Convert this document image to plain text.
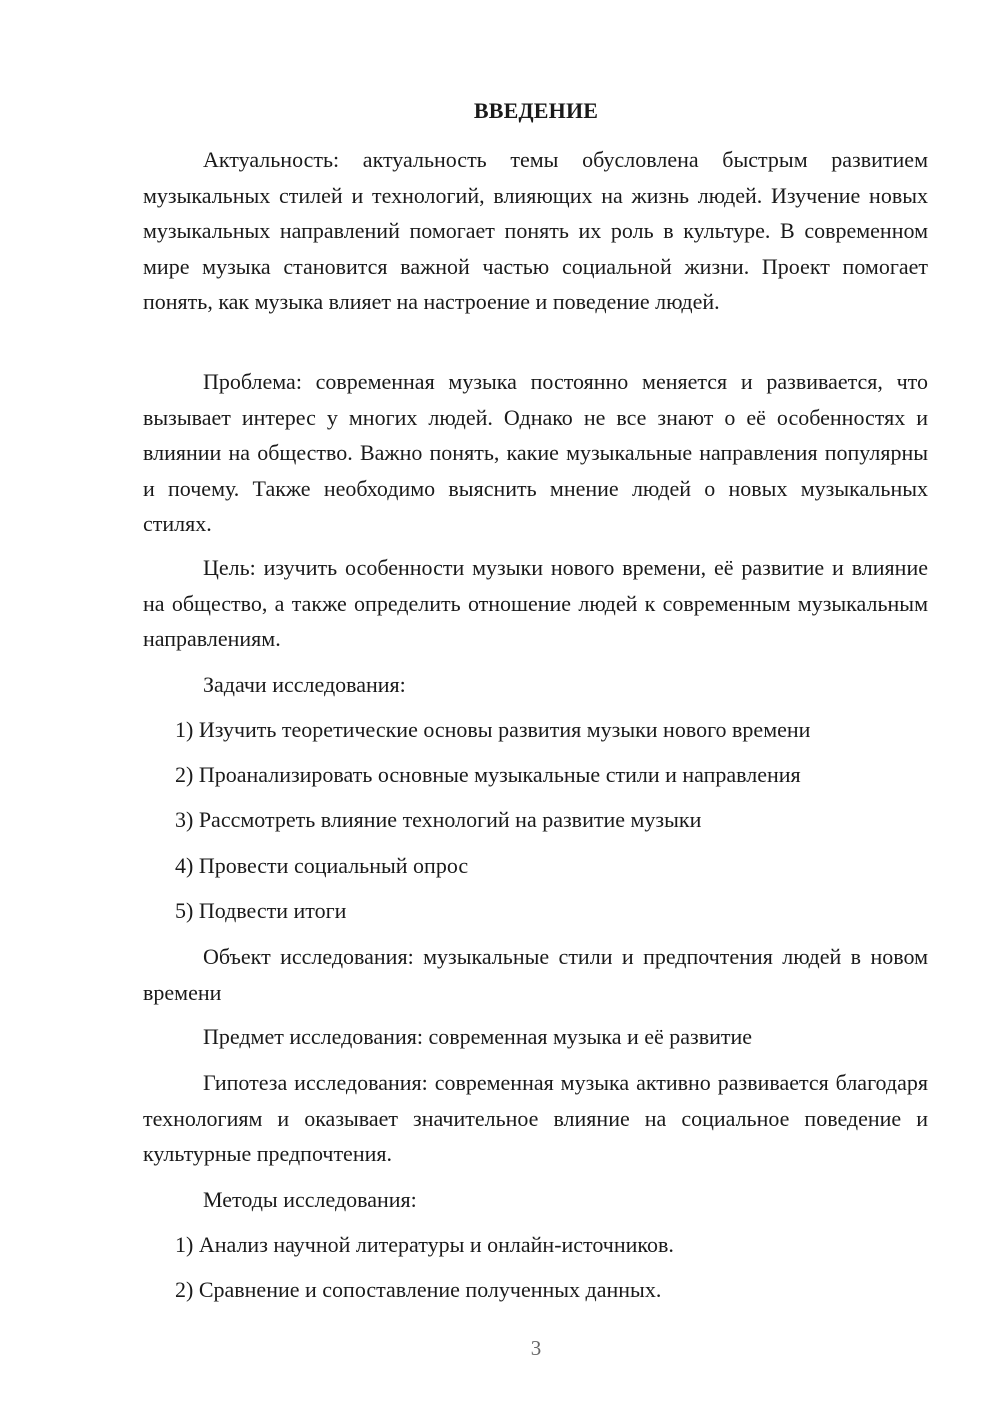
ВВЕДЕНИЕ

Актуальность: актуальность темы обусловлена быстрым развитием музыкальных стилей и технологий, влияющих на жизнь людей. Изучение новых музыкальных направлений помогает понять их роль в культуре. В современном мире музыка становится важной частью социальной жизни. Проект помогает понять, как музыка влияет на настроение и поведение людей.

Проблема: современная музыка постоянно меняется и развивается, что вызывает интерес у многих людей. Однако не все знают о её особенностях и влиянии на общество. Важно понять, какие музыкальные направления популярны и почему. Также необходимо выяснить мнение людей о новых музыкальных стилях.

Цель: изучить особенности музыки нового времени, её развитие и влияние на общество, а также определить отношение людей к современным музыкальным направлениям.

Задачи исследования:

1) Изучить теоретические основы развития музыки нового времени

2) Проанализировать основные музыкальные стили и направления

3) Рассмотреть влияние технологий на развитие музыки

4) Провести социальный опрос

5) Подвести итоги

Объект исследования: музыкальные стили и предпочтения людей в новом времени

Предмет исследования: современная музыка и её развитие

Гипотеза исследования: современная музыка активно развивается благодаря технологиям и оказывает значительное влияние на социальное поведение и культурные предпочтения.

Методы исследования:

1) Анализ научной литературы и онлайн-источников.

2) Сравнение и сопоставление полученных данных.

3
